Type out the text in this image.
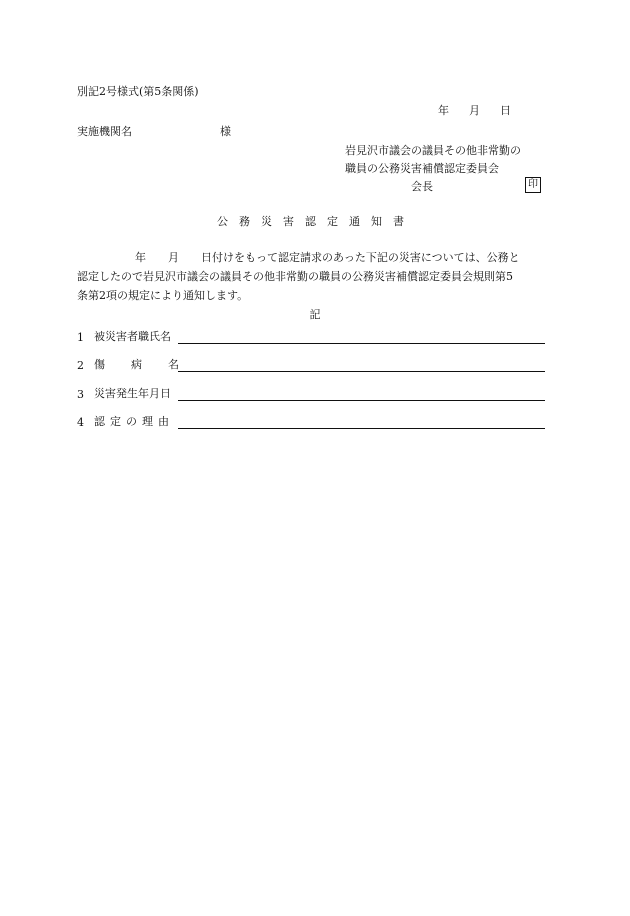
別記2号様式(第5条関係)
年 月 日
実施機関名	様
岩見沢市議会の議員その他非常勤の
職員の公務災害補償認定委員会
会長	印
公務災害認定通知書
年 月 日付けをもって認定請求のあった下記の災害については、公務と
認定したので岩見沢市議会の議員その他非常勤の職員の公務災害補償認定委員会規則第5
条第2項の規定により通知します。
記
1 被災害者職氏名
2 傷病名
3 災害発生年月日
4 認定の理由
